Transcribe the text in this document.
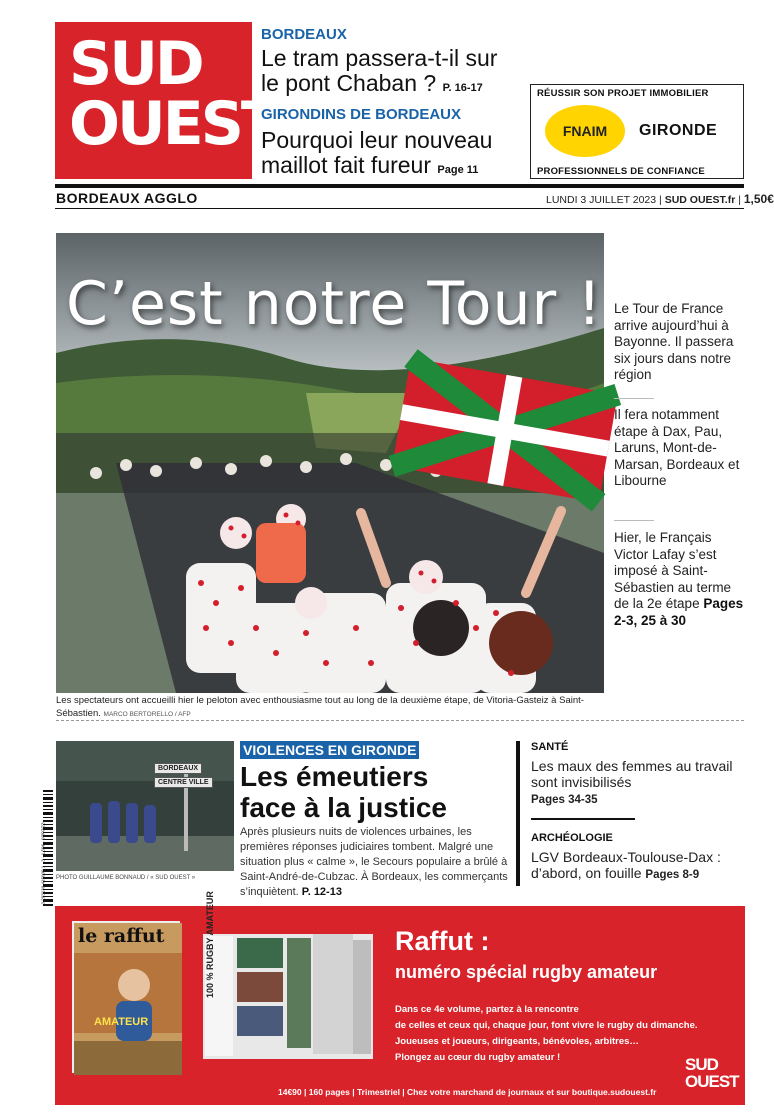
SUD
OUEST
BORDEAUX
Le tram passera-t-il sur
le pont Chaban ? P. 16-17
GIRONDINS DE BORDEAUX
Pourquoi leur nouveau
maillot fait fureur Page 11
RÉUSSIR SON PROJET IMMOBILIER
FNAIM GIRONDE
PROFESSIONNELS DE CONFIANCE
BORDEAUX AGGLO	LUNDI 3 JUILLET 2023 | SUD OUEST.fr | 1,50€
C’est notre Tour !
Les spectateurs ont accueilli hier le peloton avec enthousiasme tout au long de la deuxième étape, de Vitoria-Gasteiz à Saint-Sébastien. MARCO BERTORELLO / AFP
Le Tour de France arrive aujourd’hui à Bayonne. Il passera six jours dans notre région
Il fera notamment étape à Dax, Pau, Laruns, Mont-de-Marsan, Bordeaux et Libourne
Hier, le Français Victor Lafay s’est imposé à Saint-Sébastien au terme de la 2e étape Pages 2-3, 25 à 30
BORDEAUX
CENTRE VILLE
PHOTO GUILLAUME BONNAUD / « SUD OUEST »
VIOLENCES EN GIRONDE
Les émeutiers
face à la justice
Après plusieurs nuits de violences urbaines, les premières réponses judiciaires tombent. Malgré une situation plus « calme », le Secours populaire a brûlé à Saint-André-de-Cubzac. À Bordeaux, les commerçants s’inquiètent. P. 12-13
SANTÉ
Les maux des femmes au travail sont invisibilisés
Pages 34-35
ARCHÉOLOGIE
LGV Bordeaux-Toulouse-Dax : d’abord, on fouille Pages 8-9
3 203139 415000 1 · 3 · 1,50€ · 03/07/23
le raffut
AMATEUR
100 % RUGBY AMATEUR	Raffut :
numéro spécial rugby amateur
Dans ce 4e volume, partez à la rencontre
de celles et ceux qui, chaque jour, font vivre le rugby du dimanche.
Joueuses et joueurs, dirigeants, bénévoles, arbitres…
Plongez au cœur du rugby amateur !
14€90 | 160 pages | Trimestriel | Chez votre marchand de journaux et sur boutique.sudouest.fr
SUD
OUEST
